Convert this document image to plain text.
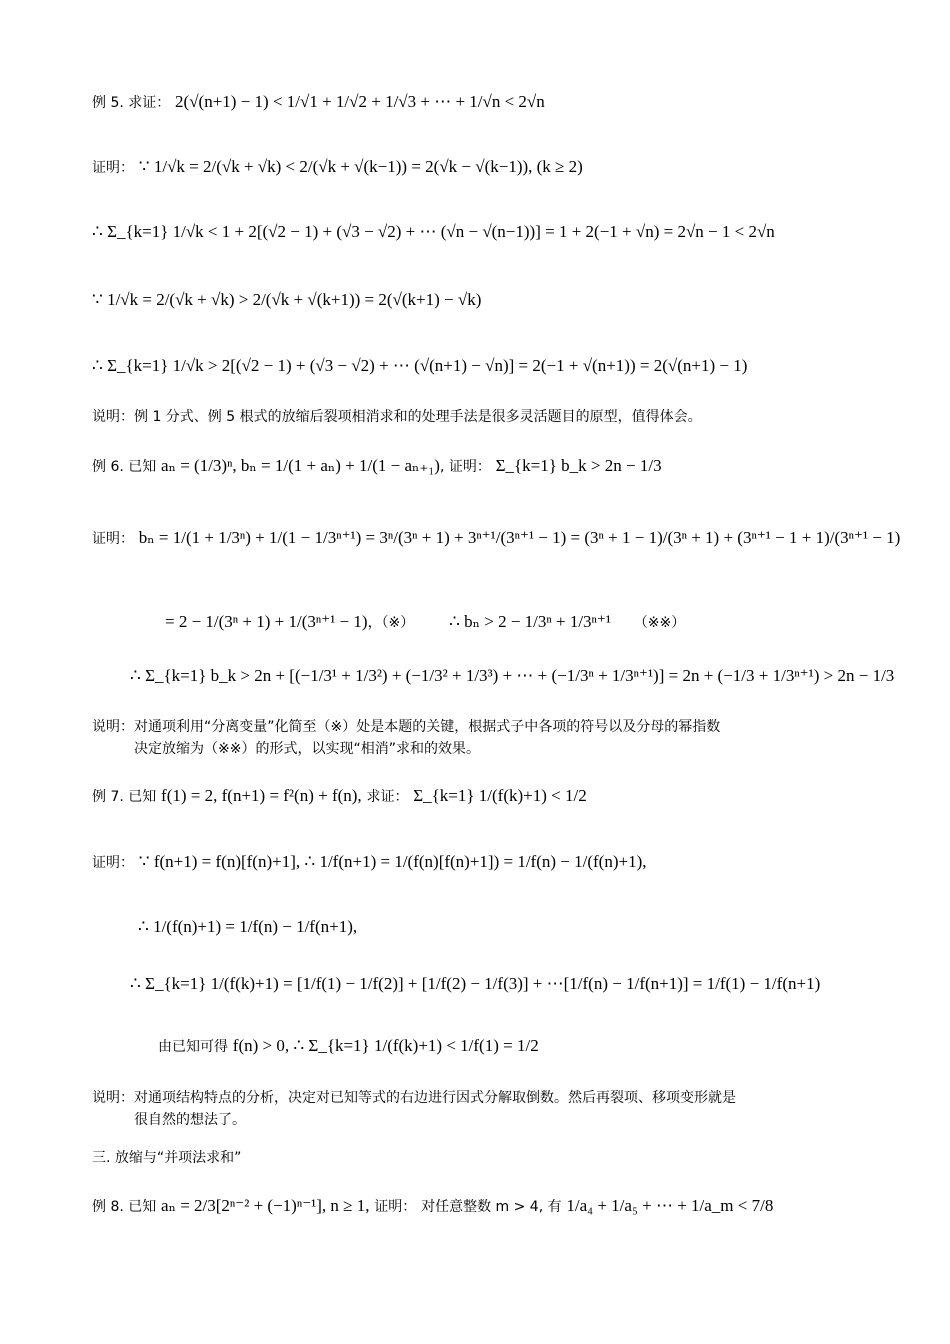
例 5. 求证： 2(√(n+1) − 1) < 1/√1 + 1/√2 + 1/√3 + ⋯ + 1/√n < 2√n
证明： ∵ 1/√k = 2/(√k + √k) < 2/(√k + √(k−1)) = 2(√k − √(k−1)), (k ≥ 2)
∴ Σ_{k=1} 1/√k < 1 + 2[(√2 − 1) + (√3 − √2) + ⋯ (√n − √(n−1))] = 1 + 2(−1 + √n) = 2√n − 1 < 2√n
∵ 1/√k = 2/(√k + √k) > 2/(√k + √(k+1)) = 2(√(k+1) − √k)
∴ Σ_{k=1} 1/√k > 2[(√2 − 1) + (√3 − √2) + ⋯ (√(n+1) − √n)] = 2(−1 + √(n+1)) = 2(√(n+1) − 1)
说明：例 1 分式、例 5 根式的放缩后裂项相消求和的处理手法是很多灵活题目的原型，值得体会。
例 6. 已知 aₙ = (1/3)ⁿ, bₙ = 1/(1 + aₙ) + 1/(1 − aₙ₊₁), 证明： Σ_{k=1} b_k > 2n − 1/3
证明： bₙ = 1/(1 + 1/3ⁿ) + 1/(1 − 1/3ⁿ⁺¹) = 3ⁿ/(3ⁿ + 1) + 3ⁿ⁺¹/(3ⁿ⁺¹ − 1) = (3ⁿ + 1 − 1)/(3ⁿ + 1) + (3ⁿ⁺¹ − 1 + 1)/(3ⁿ⁺¹ − 1)
= 2 − 1/(3ⁿ + 1) + 1/(3ⁿ⁺¹ − 1)，（※） ∴ bₙ > 2 − 1/3ⁿ + 1/3ⁿ⁺¹ （※※）
∴ Σ_{k=1} b_k > 2n + [(−1/3¹ + 1/3²) + (−1/3² + 1/3³) + ⋯ + (−1/3ⁿ + 1/3ⁿ⁺¹)] = 2n + (−1/3 + 1/3ⁿ⁺¹) > 2n − 1/3
说明：对通项利用“分离变量”化简至（※）处是本题的关键，根据式子中各项的符号以及分母的幂指数
决定放缩为（※※）的形式，以实现“相消”求和的效果。
例 7. 已知 f(1) = 2, f(n+1) = f²(n) + f(n), 求证： Σ_{k=1} 1/(f(k)+1) < 1/2
证明： ∵ f(n+1) = f(n)[f(n)+1], ∴ 1/f(n+1) = 1/(f(n)[f(n)+1]) = 1/f(n) − 1/(f(n)+1),
∴ 1/(f(n)+1) = 1/f(n) − 1/f(n+1),
∴ Σ_{k=1} 1/(f(k)+1) = [1/f(1) − 1/f(2)] + [1/f(2) − 1/f(3)] + ⋯[1/f(n) − 1/f(n+1)] = 1/f(1) − 1/f(n+1)
由已知可得 f(n) > 0, ∴ Σ_{k=1} 1/(f(k)+1) < 1/f(1) = 1/2
说明：对通项结构特点的分析，决定对已知等式的右边进行因式分解取倒数。然后再裂项、移项变形就是
很自然的想法了。
三. 放缩与“并项法求和”
例 8. 已知 aₙ = 2/3[2ⁿ⁻² + (−1)ⁿ⁻¹], n ≥ 1, 证明： 对任意整数 m > 4, 有 1/a₄ + 1/a₅ + ⋯ + 1/a_m < 7/8
